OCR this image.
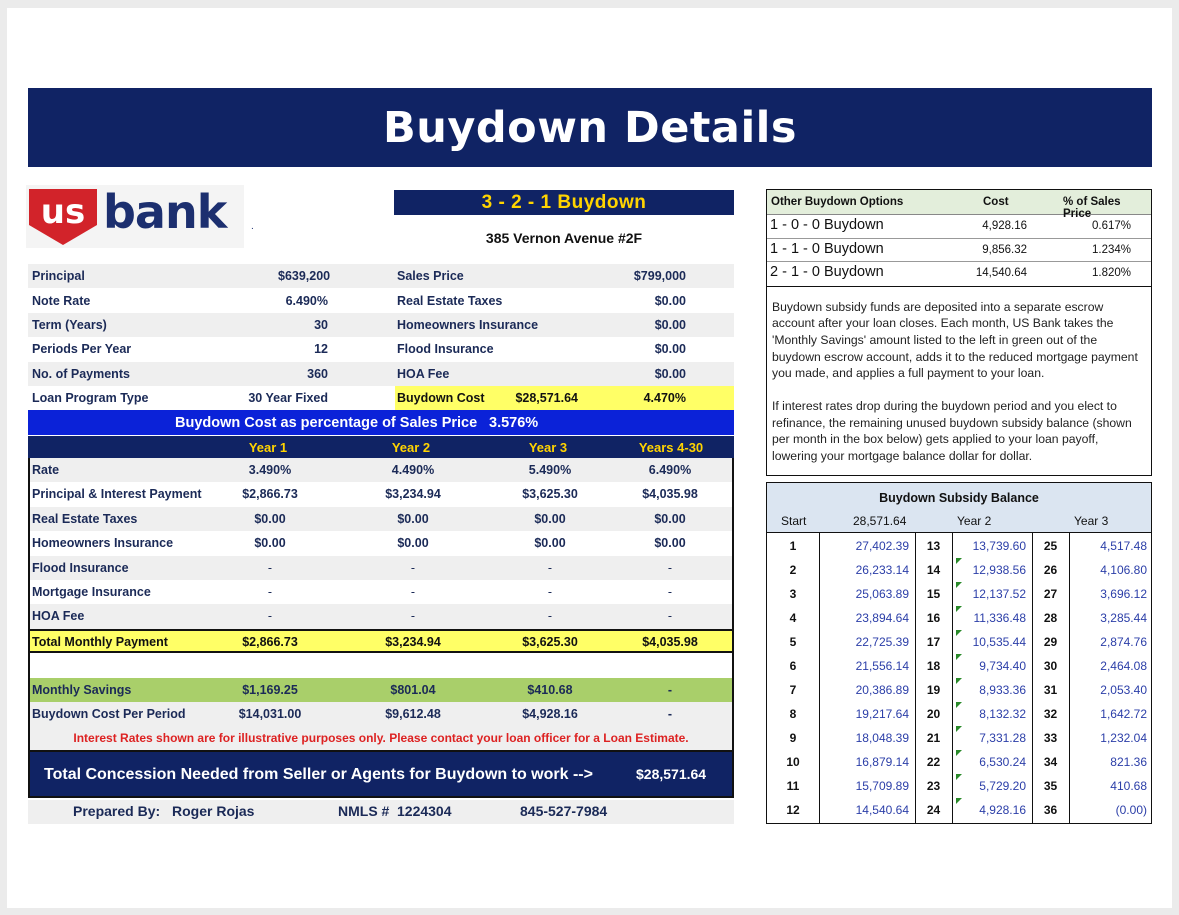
Buydown Details
us bank .
3 - 2 - 1 Buydown
385 Vernon Avenue #2F
Principal	$639,200	Sales Price	$799,000
Note Rate	6.490%	Real Estate Taxes	$0.00
Term (Years)	30	Homeowners Insurance	$0.00
Periods Per Year	12	Flood Insurance	$0.00
No. of Payments	360	HOA Fee	$0.00
Loan Program Type	30 Year Fixed	Buydown Cost	$28,571.64	4.470%
Buydown Cost as percentage of Sales Price 3.576%
Year 1	Year 2	Year 3	Years 4-30
Rate	3.490%	4.490%	5.490%	6.490%
Principal & Interest Payment	$2,866.73	$3,234.94	$3,625.30	$4,035.98
Real Estate Taxes	$0.00	$0.00	$0.00	$0.00
Homeowners Insurance	$0.00	$0.00	$0.00	$0.00
Flood Insurance	-	-	-	-
Mortgage Insurance	-	-	-	-
HOA Fee	-	-	-	-
Total Monthly Payment	$2,866.73	$3,234.94	$3,625.30	$4,035.98
Monthly Savings	$1,169.25	$801.04	$410.68	-
Buydown Cost Per Period	$14,031.00	$9,612.48	$4,928.16	-
Interest Rates shown are for illustrative purposes only. Please contact your loan officer for a Loan Estimate.
Total Concession Needed from Seller or Agents for Buydown to work -->	$28,571.64
Prepared By: Roger Rojas	NMLS # 1224304	845-527-7984
Other Buydown Options	Cost	% of Sales Price
1 - 0 - 0 Buydown	4,928.16	0.617%
1 - 1 - 0 Buydown	9,856.32	1.234%
2 - 1 - 0 Buydown	14,540.64	1.820%

Buydown subsidy funds are deposited into a separate escrow account after your loan closes. Each month, US Bank takes the 'Monthly Savings' amount listed to the left in green out of the buydown escrow account, adds it to the reduced mortgage payment you made, and applies a full payment to your loan.

If interest rates drop during the buydown period and you elect to refinance, the remaining unused buydown subsidy balance (shown per month in the box below) gets applied to your loan payoff, lowering your mortgage balance dollar for dollar.

Buydown Subsidy Balance
Start	28,571.64	Year 2	Year 3
1	27,402.39	13	13,739.60	25	4,517.48
2	26,233.14	14	12,938.56	26	4,106.80
3	25,063.89	15	12,137.52	27	3,696.12
4	23,894.64	16	11,336.48	28	3,285.44
5	22,725.39	17	10,535.44	29	2,874.76
6	21,556.14	18	9,734.40	30	2,464.08
7	20,386.89	19	8,933.36	31	2,053.40
8	19,217.64	20	8,132.32	32	1,642.72
9	18,048.39	21	7,331.28	33	1,232.04
10	16,879.14	22	6,530.24	34	821.36
11	15,709.89	23	5,729.20	35	410.68
12	14,540.64	24	4,928.16	36	(0.00)
